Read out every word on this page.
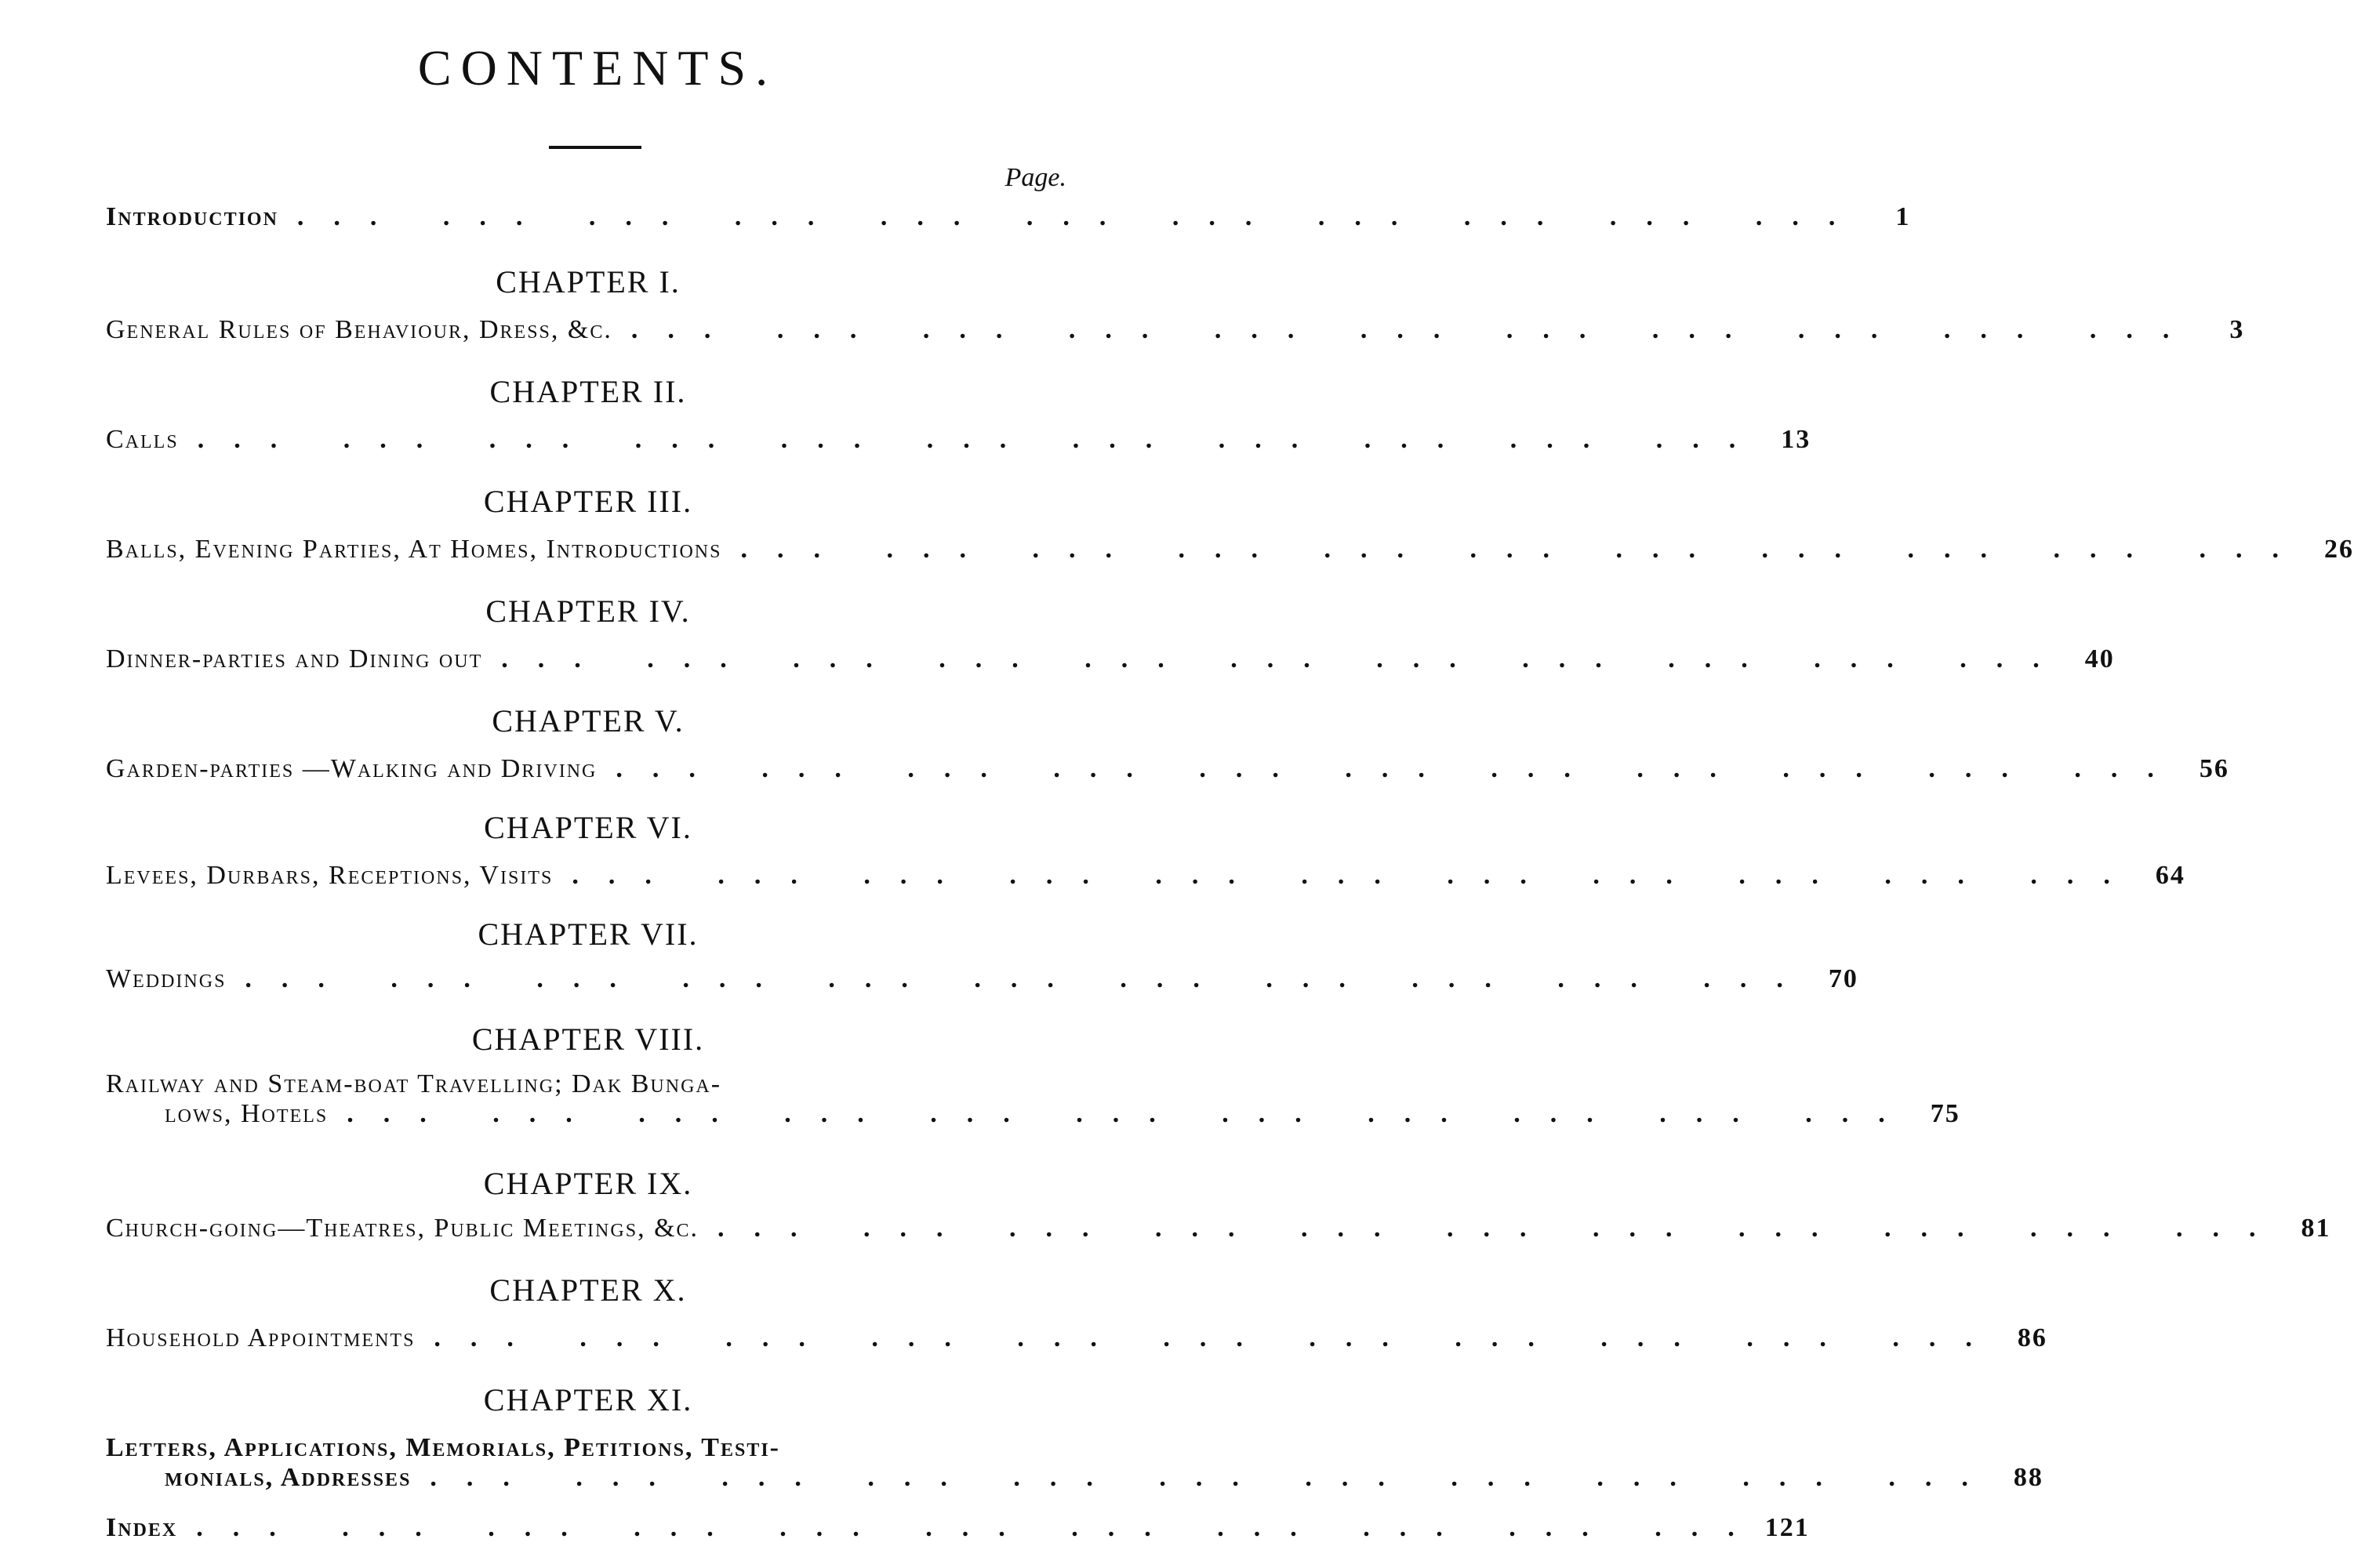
CONTENTS.
Page.
Introduction ... ... ... ... ... ... ... ... ... ... ...	1
CHAPTER I.
General Rules of Behaviour, Dress, &c. ... ... ... ... ... ... ... ... ... ... ...	3
CHAPTER II.
Calls ... ... ... ... ... ... ... ... ... ... ... 13
CHAPTER III.
Balls, Evening Parties, At Homes, Introductions ... ... ... ... ... ... ... ... ... ... ... 26
CHAPTER IV.
Dinner-parties and Dining out ... ... ... ... ... ... ... ... ... ... ... 40
CHAPTER V.
Garden-parties —Walking and Driving ... ... ... ... ... ... ... ... ... ... ... 56
CHAPTER VI.
Levees, Durbars, Receptions, Visits ... ... ... ... ... ... ... ... ... ... ... 64
CHAPTER VII.
Weddings ... ... ... ... ... ... ... ... ... ... ... 70
CHAPTER VIII.
Railway and Steam-boat Travelling; Dak Bunga-
lows, Hotels ... ... ... ... ... ... ... ... ... ... ... 75
CHAPTER IX.
Church-going—Theatres, Public Meetings, &c. ... ... ... ... ... ... ... ... ... ... ... 81
CHAPTER X.
Household Appointments ... ... ... ... ... ... ... ... ... ... ... 86
CHAPTER XI.
Letters, Applications, Memorials, Petitions, Testi-
monials, Addresses ... ... ... ... ... ... ... ... ... ... ... 88
Index ... ... ... ... ... ... ... ... ... ... ... 121
